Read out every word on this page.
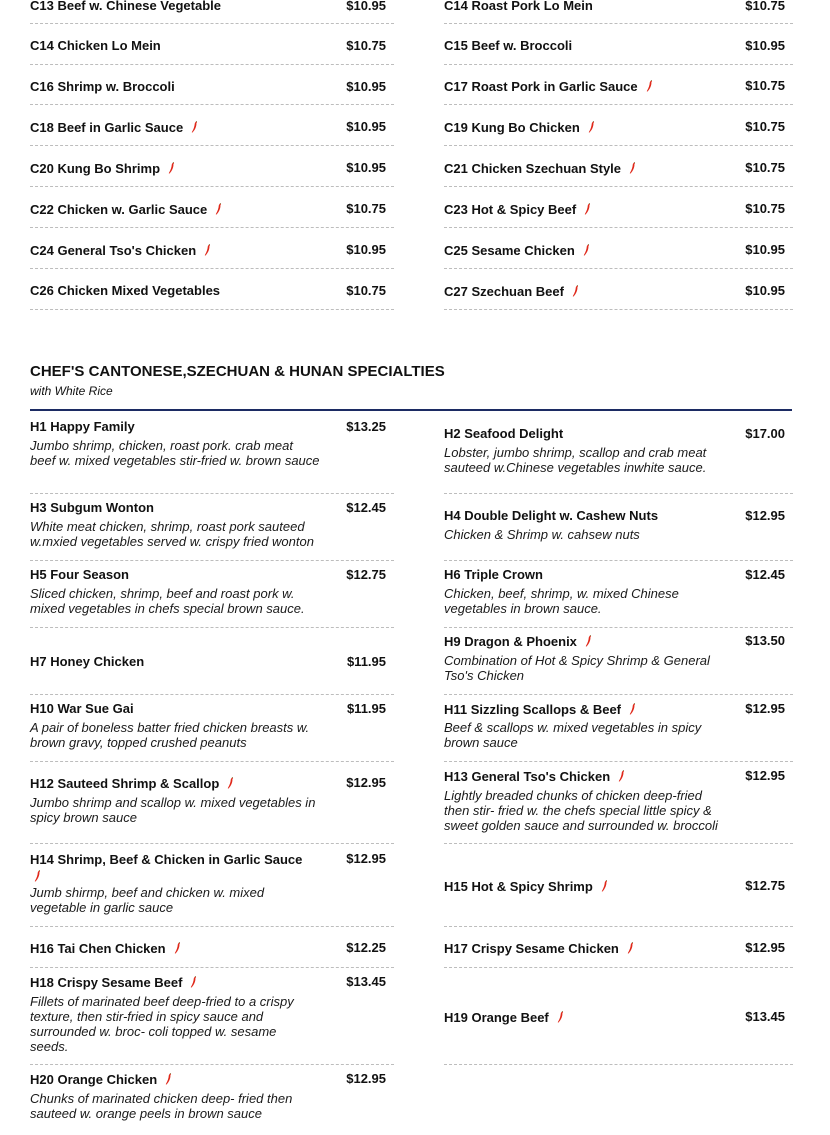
C13 Beef w. Chinese Vegetable	$10.95	C14 Roast Pork Lo Mein	$10.75
C14 Chicken Lo Mein	$10.75	C15 Beef w. Broccoli	$10.95
C16 Shrimp w. Broccoli	$10.95	C17 Roast Pork in Garlic Sauce	$10.75
C18 Beef in Garlic Sauce	$10.95	C19 Kung Bo Chicken	$10.75
C20 Kung Bo Shrimp	$10.95	C21 Chicken Szechuan Style	$10.75
C22 Chicken w. Garlic Sauce	$10.75	C23 Hot & Spicy Beef	$10.75
C24 General Tso's Chicken	$10.95	C25 Sesame Chicken	$10.95
C26 Chicken Mixed Vegetables	$10.75	C27 Szechuan Beef	$10.95
CHEF'S CANTONESE,SZECHUAN & HUNAN SPECIALTIES
with White Rice
H1 Happy Family	$13.25
Jumbo shrimp, chicken, roast pork. crab meat beef w. mixed vegetables stir-fried w. brown sauce
H2 Seafood Delight	$17.00
Lobster, jumbo shrimp, scallop and crab meat sauteed w.Chinese vegetables inwhite sauce.
H3 Subgum Wonton	$12.45
White meat chicken, shrimp, roast pork sauteed w.mxied vegetables served w. crispy fried wonton
H4 Double Delight w. Cashew Nuts	$12.95
Chicken & Shrimp w. cahsew nuts
H5 Four Season	$12.75
Sliced chicken, shrimp, beef and roast pork w. mixed vegetables in chefs special brown sauce.
H6 Triple Crown	$12.45
Chicken, beef, shrimp, w. mixed Chinese vegetables in brown sauce.
H7 Honey Chicken	$11.95
H9 Dragon & Phoenix	$13.50
Combination of Hot & Spicy Shrimp & General Tso's Chicken
H10 War Sue Gai	$11.95
A pair of boneless batter fried chicken breasts w. brown gravy, topped crushed peanuts
H11 Sizzling Scallops & Beef	$12.95
Beef & scallops w. mixed vegetables in spicy brown sauce
H12 Sauteed Shrimp & Scallop	$12.95
Jumbo shrimp and scallop w. mixed vegetables in spicy brown sauce
H13 General Tso's Chicken	$12.95
Lightly breaded chunks of chicken deep-fried then stir- fried w. the chefs special little spicy & sweet golden sauce and surrounded w. broccoli
H14 Shrimp, Beef & Chicken in Garlic Sauce	$12.95
Jumb shirmp, beef and chicken w. mixed vegetable in garlic sauce
H15 Hot & Spicy Shrimp	$12.75
H16 Tai Chen Chicken	$12.25	H17 Crispy Sesame Chicken	$12.95
H18 Crispy Sesame Beef	$13.45
Fillets of marinated beef deep-fried to a crispy texture, then stir-fried in spicy sauce and surrounded w. broc- coli topped w. sesame seeds.
H19 Orange Beef	$13.45
H20 Orange Chicken	$12.95
Chunks of marinated chicken deep- fried then sauteed w. orange peels in brown sauce
